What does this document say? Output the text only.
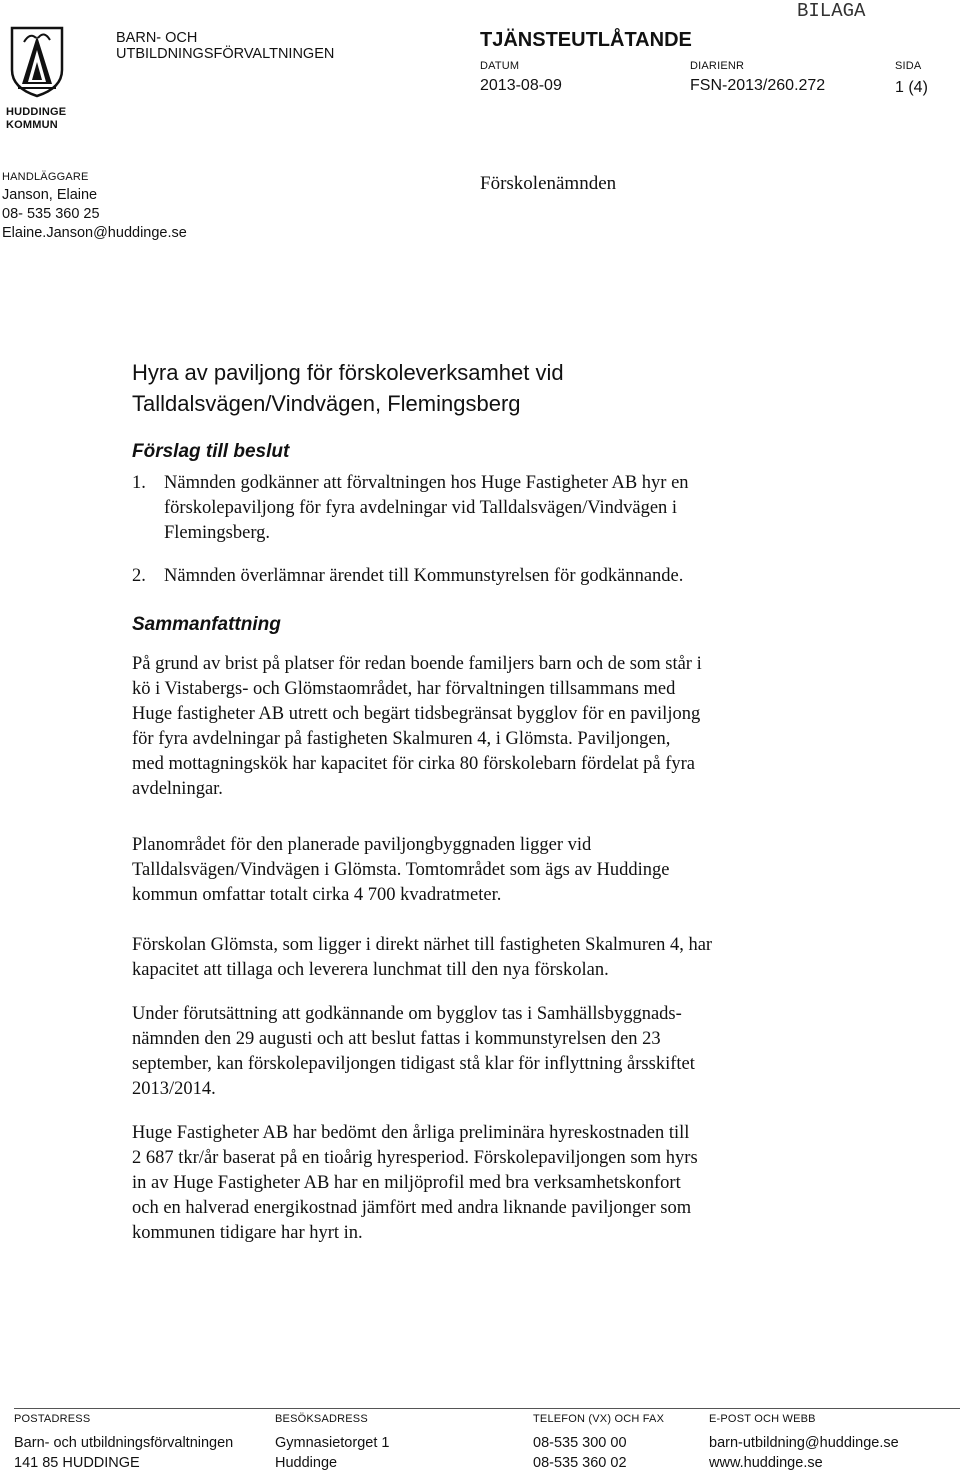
HUDDINGE
KOMMUN
BARN- OCH
UTBILDNINGSFÖRVALTNINGEN
TJÄNSTEUTLÅTANDE
BILAGA
DATUM
2013-08-09
DIARIENR
FSN-2013/260.272
SIDA
1 (4)
HANDLÄGGARE
Janson, Elaine
08- 535 360 25
Elaine.Janson@huddinge.se
Förskolenämnden
Hyra av paviljong för förskoleverksamhet vid
Talldalsvägen/Vindvägen, Flemingsberg
Förslag till beslut
1. Nämnden godkänner att förvaltningen hos Huge Fastigheter AB hyr en
förskolepaviljong för fyra avdelningar vid Talldalsvägen/Vindvägen i
Flemingsberg.
2. Nämnden överlämnar ärendet till Kommunstyrelsen för godkännande.
Sammanfattning
På grund av brist på platser för redan boende familjers barn och de som står i
kö i Vistabergs- och Glömstaområdet, har förvaltningen tillsammans med
Huge fastigheter AB utrett och begärt tidsbegränsat bygglov för en paviljong
för fyra avdelningar på fastigheten Skalmuren 4, i Glömsta. Paviljongen,
med mottagningskök har kapacitet för cirka 80 förskolebarn fördelat på fyra
avdelningar.
Planområdet för den planerade paviljongbyggnaden ligger vid
Talldalsvägen/Vindvägen i Glömsta. Tomtområdet som ägs av Huddinge
kommun omfattar totalt cirka 4 700 kvadratmeter.
Förskolan Glömsta, som ligger i direkt närhet till fastigheten Skalmuren 4, har
kapacitet att tillaga och leverera lunchmat till den nya förskolan.
Under förutsättning att godkännande om bygglov tas i Samhällsbyggnads-
nämnden den 29 augusti och att beslut fattas i kommunstyrelsen den 23
september, kan förskolepaviljongen tidigast stå klar för inflyttning årsskiftet
2013/2014.
Huge Fastigheter AB har bedömt den årliga preliminära hyreskostnaden till
2 687 tkr/år baserat på en tioårig hyresperiod. Förskolepaviljongen som hyrs
in av Huge Fastigheter AB har en miljöprofil med bra verksamhetskonfort
och en halverad energikostnad jämfört med andra liknande paviljonger som
kommunen tidigare har hyrt in.
POSTADRESS
Barn- och utbildningsförvaltningen
141 85 HUDDINGE
BESÖKSADRESS
Gymnasietorget 1
Huddinge
TELEFON (VX) OCH FAX
08-535 300 00
08-535 360 02
E-POST OCH WEBB
barn-utbildning@huddinge.se
www.huddinge.se
